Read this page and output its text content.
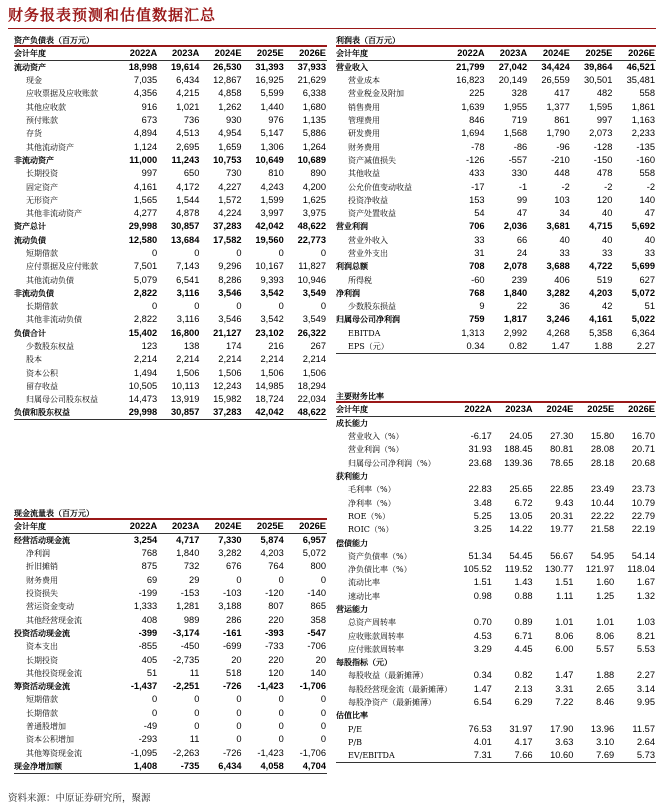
财务报表预测和估值数据汇总
资产负债表（百万元）
会计年度	2022A	2023A	2024E	2025E	2026E
流动资产	18,998	19,614	26,530	31,393	37,933
现金	7,035	6,434	12,867	16,925	21,629
应收票据及应收账款	4,356	4,215	4,858	5,599	6,338
其他应收款	916	1,021	1,262	1,440	1,680
预付账款	673	736	930	976	1,135
存货	4,894	4,513	4,954	5,147	5,886
其他流动资产	1,124	2,695	1,659	1,306	1,264
非流动资产	11,000	11,243	10,753	10,649	10,689
长期投资	997	650	730	810	890
固定资产	4,161	4,172	4,227	4,243	4,200
无形资产	1,565	1,544	1,572	1,599	1,625
其他非流动资产	4,277	4,878	4,224	3,997	3,975
资产总计	29,998	30,857	37,283	42,042	48,622
流动负债	12,580	13,684	17,582	19,560	22,773
短期借款	0	0	0	0	0
应付票据及应付账款	7,501	7,143	9,296	10,167	11,827
其他流动负债	5,079	6,541	8,286	9,393	10,946
非流动负债	2,822	3,116	3,546	3,542	3,549
长期借款	0	0	0	0	0
其他非流动负债	2,822	3,116	3,546	3,542	3,549
负债合计	15,402	16,800	21,127	23,102	26,322
少数股东权益	123	138	174	216	267
股本	2,214	2,214	2,214	2,214	2,214
资本公积	1,494	1,506	1,506	1,506	1,506
留存收益	10,505	10,113	12,243	14,985	18,294
归属母公司股东权益	14,473	13,919	15,982	18,724	22,034
负债和股东权益	29,998	30,857	37,283	42,042	48,622
现金流量表（百万元）
会计年度	2022A	2023A	2024E	2025E	2026E
经营活动现金流	3,254	4,717	7,330	5,874	6,957
净利润	768	1,840	3,282	4,203	5,072
折旧摊销	875	732	676	764	800
财务费用	69	29	0	0	0
投资损失	-199	-153	-103	-120	-140
营运资金变动	1,333	1,281	3,188	807	865
其他经营现金流	408	989	286	220	358
投资活动现金流	-399	-3,174	-161	-393	-547
资本支出	-855	-450	-699	-733	-706
长期投资	405	-2,735	20	220	20
其他投资现金流	51	11	518	120	140
筹资活动现金流	-1,437	-2,251	-726	-1,423	-1,706
短期借款	0	0	0	0	0
长期借款	0	0	0	0	0
普通股增加	-49	0	0	0	0
资本公积增加	-293	11	0	0	0
其他筹资现金流	-1,095	-2,263	-726	-1,423	-1,706
现金净增加额	1,408	-735	6,434	4,058	4,704
利润表（百万元）
会计年度	2022A	2023A	2024E	2025E	2026E
营业收入	21,799	27,042	34,424	39,864	46,521
营业成本	16,823	20,149	26,559	30,501	35,481
营业税金及附加	225	328	417	482	558
销售费用	1,639	1,955	1,377	1,595	1,861
管理费用	846	719	861	997	1,163
研发费用	1,694	1,568	1,790	2,073	2,233
财务费用	-78	-86	-96	-128	-135
资产减值损失	-126	-557	-210	-150	-160
其他收益	433	330	448	478	558
公允价值变动收益	-17	-1	-2	-2	-2
投资净收益	153	99	103	120	140
资产处置收益	54	47	34	40	47
营业利润	706	2,036	3,681	4,715	5,692
营业外收入	33	66	40	40	40
营业外支出	31	24	33	33	33
利润总额	708	2,078	3,688	4,722	5,699
所得税	-60	239	406	519	627
净利润	768	1,840	3,282	4,203	5,072
少数股东损益	9	22	36	42	51
归属母公司净利润	759	1,817	3,246	4,161	5,022
EBITDA	1,313	2,992	4,268	5,358	6,364
EPS（元）	0.34	0.82	1.47	1.88	2.27
主要财务比率
会计年度	2022A	2023A	2024E	2025E	2026E
成长能力					
营业收入（%）	-6.17	24.05	27.30	15.80	16.70
营业利润（%）	31.93	188.45	80.81	28.08	20.71
归属母公司净利润（%）	23.68	139.36	78.65	28.18	20.68
获利能力					
毛利率（%）	22.83	25.65	22.85	23.49	23.73
净利率（%）	3.48	6.72	9.43	10.44	10.79
ROE（%）	5.25	13.05	20.31	22.22	22.79
ROIC（%）	3.25	14.22	19.77	21.58	22.19
偿债能力					
资产负债率（%）	51.34	54.45	56.67	54.95	54.14
净负债比率（%）	105.52	119.52	130.77	121.97	118.04
流动比率	1.51	1.43	1.51	1.60	1.67
速动比率	0.98	0.88	1.11	1.25	1.32
营运能力					
总资产周转率	0.70	0.89	1.01	1.01	1.03
应收账款周转率	4.53	6.71	8.06	8.06	8.21
应付账款周转率	3.29	4.45	6.00	5.57	5.53
每股指标（元）					
每股收益（最新摊薄）	0.34	0.82	1.47	1.88	2.27
每股经营现金流（最新摊薄）	1.47	2.13	3.31	2.65	3.14
每股净资产（最新摊薄）	6.54	6.29	7.22	8.46	9.95
估值比率					
P/E	76.53	31.97	17.90	13.96	11.57
P/B	4.01	4.17	3.63	3.10	2.64
EV/EBITDA	7.31	7.66	10.60	7.69	5.73
资料来源：中原证券研究所，聚源
